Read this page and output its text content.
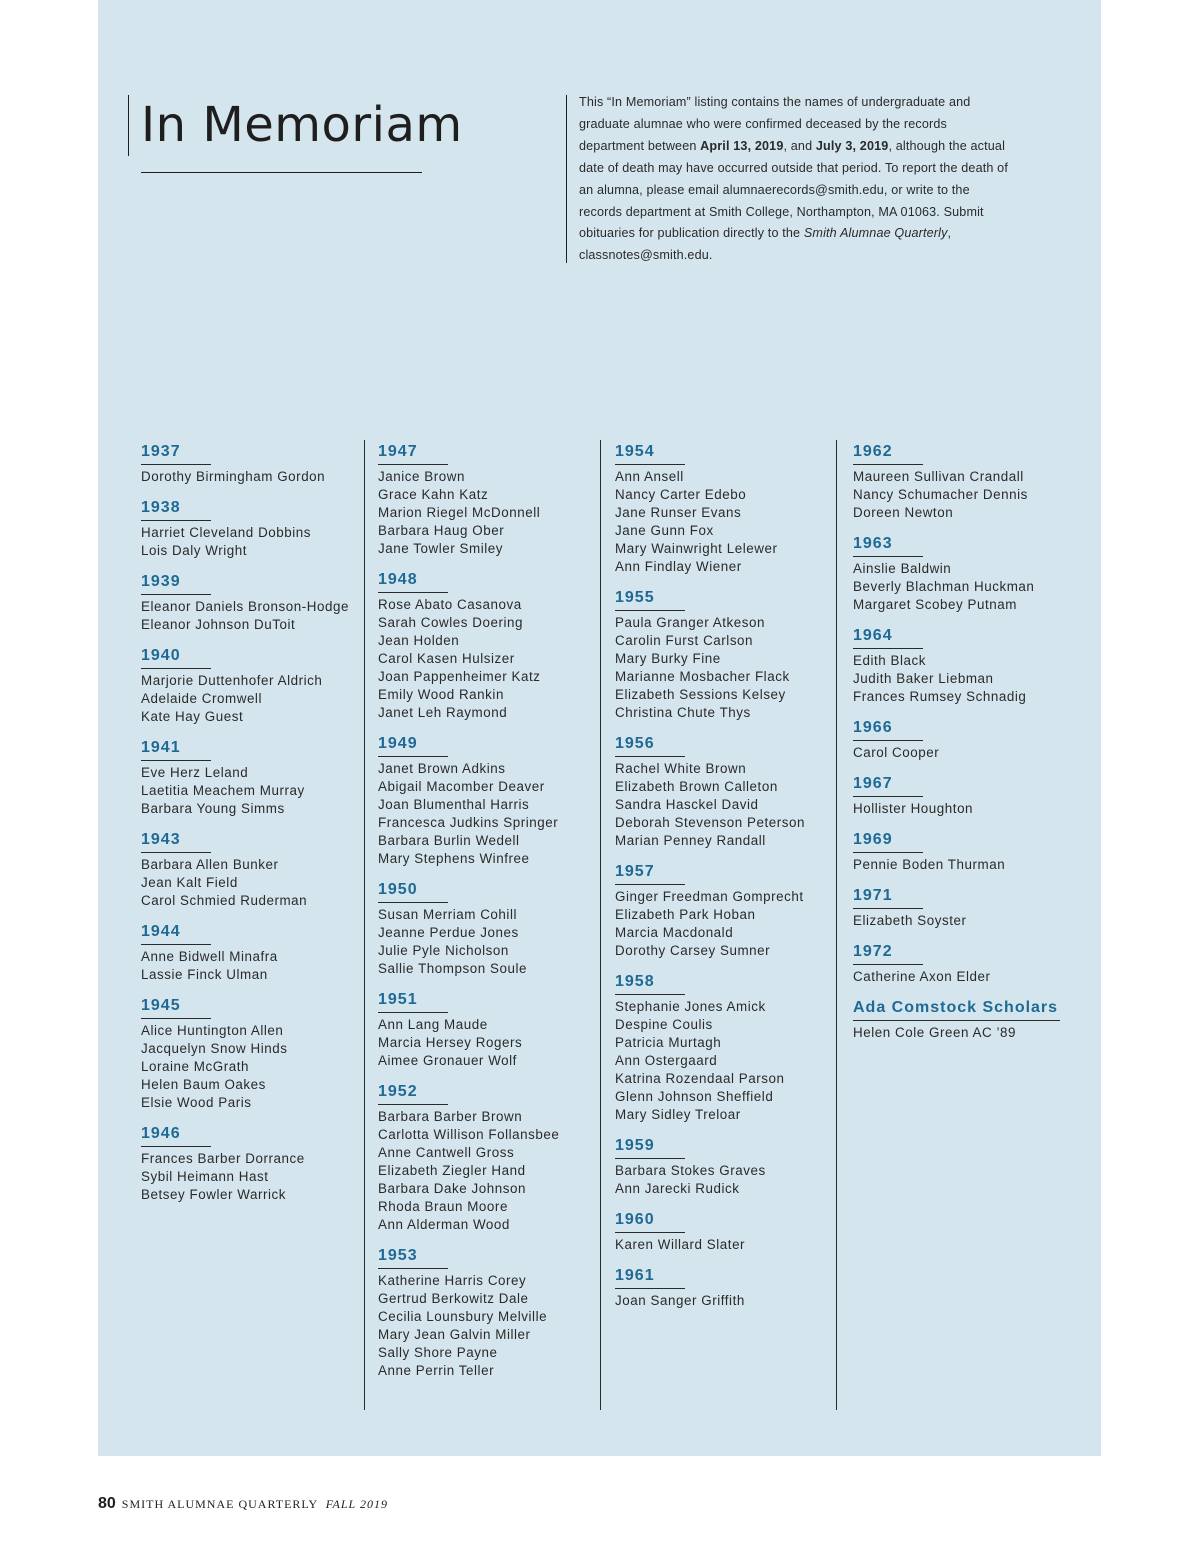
In Memoriam	This “In Memoriam” listing contains the names of undergraduate and graduate alumnae who were confirmed deceased by the records department between April 13, 2019, and July 3, 2019, although the actual date of death may have occurred outside that period. To report the death of an alumna, please email alumnaerecords@smith.edu, or write to the records department at Smith College, Northampton, MA 01063. Submit obituaries for publication directly to the Smith Alumnae Quarterly, classnotes@smith.edu.
1937
Dorothy Birmingham Gordon
1938
Harriet Cleveland Dobbins
Lois Daly Wright
1939
Eleanor Daniels Bronson-Hodge
Eleanor Johnson DuToit
1940
Marjorie Duttenhofer Aldrich
Adelaide Cromwell
Kate Hay Guest
1941
Eve Herz Leland
Laetitia Meachem Murray
Barbara Young Simms
1943
Barbara Allen Bunker
Jean Kalt Field
Carol Schmied Ruderman
1944
Anne Bidwell Minafra
Lassie Finck Ulman
1945
Alice Huntington Allen
Jacquelyn Snow Hinds
Loraine McGrath
Helen Baum Oakes
Elsie Wood Paris
1946
Frances Barber Dorrance
Sybil Heimann Hast
Betsey Fowler Warrick
1947
Janice Brown
Grace Kahn Katz
Marion Riegel McDonnell
Barbara Haug Ober
Jane Towler Smiley
1948
Rose Abato Casanova
Sarah Cowles Doering
Jean Holden
Carol Kasen Hulsizer
Joan Pappenheimer Katz
Emily Wood Rankin
Janet Leh Raymond
1949
Janet Brown Adkins
Abigail Macomber Deaver
Joan Blumenthal Harris
Francesca Judkins Springer
Barbara Burlin Wedell
Mary Stephens Winfree
1950
Susan Merriam Cohill
Jeanne Perdue Jones
Julie Pyle Nicholson
Sallie Thompson Soule
1951
Ann Lang Maude
Marcia Hersey Rogers
Aimee Gronauer Wolf
1952
Barbara Barber Brown
Carlotta Willison Follansbee
Anne Cantwell Gross
Elizabeth Ziegler Hand
Barbara Dake Johnson
Rhoda Braun Moore
Ann Alderman Wood
1953
Katherine Harris Corey
Gertrud Berkowitz Dale
Cecilia Lounsbury Melville
Mary Jean Galvin Miller
Sally Shore Payne
Anne Perrin Teller
1954
Ann Ansell
Nancy Carter Edebo
Jane Runser Evans
Jane Gunn Fox
Mary Wainwright Lelewer
Ann Findlay Wiener
1955
Paula Granger Atkeson
Carolin Furst Carlson
Mary Burky Fine
Marianne Mosbacher Flack
Elizabeth Sessions Kelsey
Christina Chute Thys
1956
Rachel White Brown
Elizabeth Brown Calleton
Sandra Hasckel David
Deborah Stevenson Peterson
Marian Penney Randall
1957
Ginger Freedman Gomprecht
Elizabeth Park Hoban
Marcia Macdonald
Dorothy Carsey Sumner
1958
Stephanie Jones Amick
Despine Coulis
Patricia Murtagh
Ann Ostergaard
Katrina Rozendaal Parson
Glenn Johnson Sheffield
Mary Sidley Treloar
1959
Barbara Stokes Graves
Ann Jarecki Rudick
1960
Karen Willard Slater
1961
Joan Sanger Griffith
1962
Maureen Sullivan Crandall
Nancy Schumacher Dennis
Doreen Newton
1963
Ainslie Baldwin
Beverly Blachman Huckman
Margaret Scobey Putnam
1964
Edith Black
Judith Baker Liebman
Frances Rumsey Schnadig
1966
Carol Cooper
1967
Hollister Houghton
1969
Pennie Boden Thurman
1971
Elizabeth Soyster
1972
Catherine Axon Elder
Ada Comstock Scholars
Helen Cole Green AC ’89
80 SMITH ALUMNAE QUARTERLY FALL 2019
